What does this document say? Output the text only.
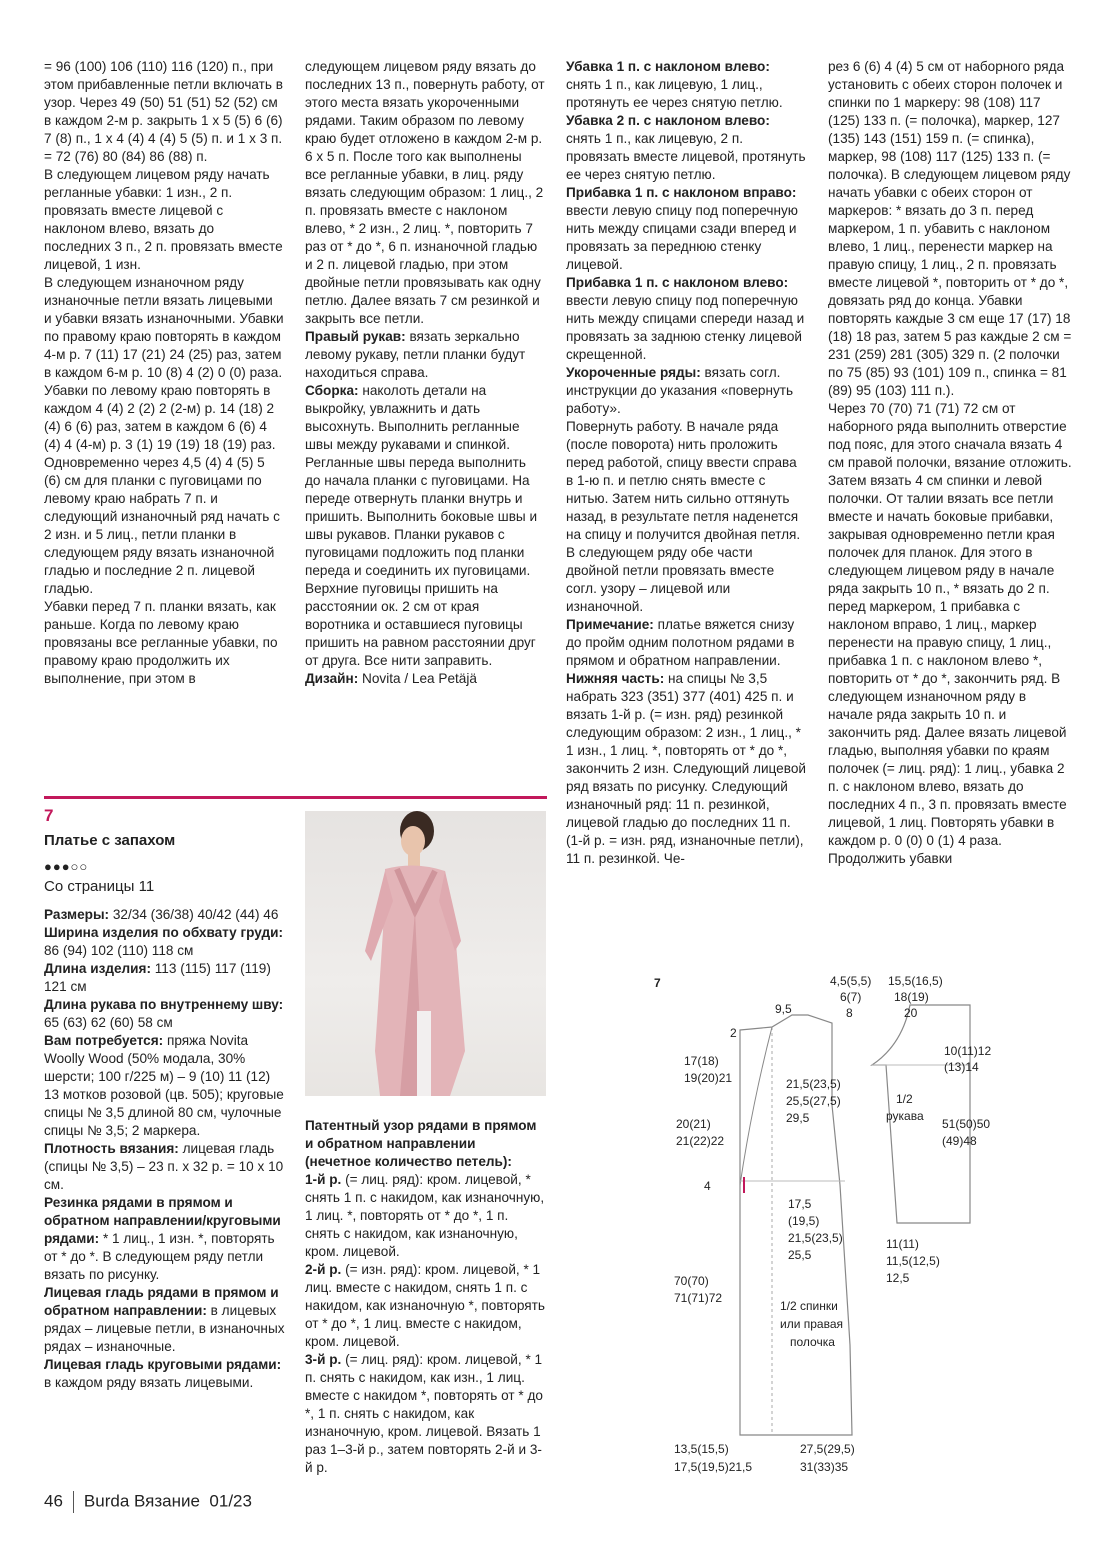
= 96 (100) 106 (110) 116 (120) п., при этом прибавленные петли включать в узор. Через 49 (50) 51 (51) 52 (52) см в каждом 2-м р. закрыть 1 х 5 (5) 6 (6) 7 (8) п., 1 х 4 (4) 4 (4) 5 (5) п. и 1 х 3 п. = 72 (76) 80 (84) 86 (88) п.

В следующем лицевом ряду начать регланные убавки: 1 изн., 2 п. провязать вместе лицевой с наклоном влево, вязать до последних 3 п., 2 п. провязать вместе лицевой, 1 изн.

В следующем изнаночном ряду изнаночные петли вязать лицевыми и убавки вязать изнаночными. Убавки по правому краю повторять в каждом 4-м р. 7 (11) 17 (21) 24 (25) раз, затем в каждом 6-м р. 10 (8) 4 (2) 0 (0) раза. Убавки по левому краю повторять в каждом 4 (4) 2 (2) 2 (2-м) р. 14 (18) 2 (4) 6 (6) раз, затем в каждом 6 (6) 4 (4) 4 (4-м) р. 3 (1) 19 (19) 18 (19) раз. Одновременно через 4,5 (4) 4 (5) 5 (6) см для планки с пуговицами по левому краю набрать 7 п. и следующий изнаночный ряд начать с 2 изн. и 5 лиц., петли планки в следующем ряду вязать изнаночной гладью и последние 2 п. лицевой гладью.

Убавки перед 7 п. планки вязать, как раньше. Когда по левому краю провязаны все регланные убавки, по правому краю продолжить их выполнение, при этом в

следующем лицевом ряду вязать до последних 13 п., повернуть работу, от этого места вязать укороченными рядами. Таким образом по левому краю будет отложено в каждом 2-м р. 6 х 5 п. После того как выполнены все регланные убавки, в лиц. ряду вязать следующим образом: 1 лиц., 2 п. провязать вместе с наклоном влево, * 2 изн., 2 лиц. *, повторить 7 раз от * до *, 6 п. изнаночной гладью и 2 п. лицевой гладью, при этом двойные петли провязывать как одну петлю. Далее вязать 7 см резинкой и закрыть все петли.

Правый рукав: вязать зеркально левому рукаву, петли планки будут находиться справа.

Сборка: наколоть детали на выкройку, увлажнить и дать высохнуть. Выполнить регланные швы между рукавами и спинкой. Регланные швы переда выполнить до начала планки с пуговицами. На переде отвернуть планки внутрь и пришить. Выполнить боковые швы и швы рукавов. Планки рукавов с пуговицами подложить под планки переда и соединить их пуговицами. Верхние пуговицы пришить на расстоянии ок. 2 см от края воротника и оставшиеся пуговицы пришить на равном расстоянии друг от друга. Все нити заправить.

Дизайн: Novita / Lea Petäjä

Убавка 1 п. с наклоном влево: снять 1 п., как лицевую, 1 лиц., протянуть ее через снятую петлю.

Убавка 2 п. с наклоном влево: снять 1 п., как лицевую, 2 п. провязать вместе лицевой, протянуть ее через снятую петлю.

Прибавка 1 п. с наклоном вправо: ввести левую спицу под поперечную нить между спицами сзади вперед и провязать за переднюю стенку лицевой.

Прибавка 1 п. с наклоном влево: ввести левую спицу под поперечную нить между спицами спереди назад и провязать за заднюю стенку лицевой скрещенной.

Укороченные ряды: вязать согл. инструкции до указания «повернуть работу».

Повернуть работу. В начале ряда (после поворота) нить проложить перед работой, спицу ввести справа в 1-ю п. и петлю снять вместе с нитью. Затем нить сильно оттянуть назад, в результате петля наденется на спицу и получится двойная петля. В следующем ряду обе части двойной петли провязать вместе согл. узору – лицевой или изнаночной.

Примечание: платье вяжется снизу до пройм одним полотном рядами в прямом и обратном направлении.

Нижняя часть: на спицы № 3,5 набрать 323 (351) 377 (401) 425 п. и вязать 1-й р. (= изн. ряд) резинкой следующим образом: 2 изн., 1 лиц., * 1 изн., 1 лиц. *, повторять от * до *, закончить 2 изн. Следующий лицевой ряд вязать по рисунку. Следующий изнаночный ряд: 11 п. резинкой, лицевой гладью до последних 11 п. (1-й р. = изн. ряд, изнаночные петли), 11 п. резинкой. Че-

рез 6 (6) 4 (4) 5 см от наборного ряда установить с обеих сторон полочек и спинки по 1 маркеру: 98 (108) 117 (125) 133 п. (= полочка), маркер, 127 (135) 143 (151) 159 п. (= спинка), маркер, 98 (108) 117 (125) 133 п. (= полочка). В следующем лицевом ряду начать убавки с обеих сторон от маркеров: * вязать до 3 п. перед маркером, 1 п. убавить с наклоном влево, 1 лиц., перенести маркер на правую спицу, 1 лиц., 2 п. провязать вместе лицевой *, повторить от * до *, довязать ряд до конца. Убавки повторять каждые 3 см еще 17 (17) 18 (18) 18 раз, затем 5 раз каждые 2 см = 231 (259) 281 (305) 329 п. (2 полочки по 75 (85) 93 (101) 109 п., спинка = 81 (89) 95 (103) 111 п.).

Через 70 (70) 71 (71) 72 см от наборного ряда выполнить отверстие под пояс, для этого сначала вязать 4 см правой полочки, вязание отложить. Затем вязать 4 см спинки и левой полочки. От талии вязать все петли вместе и начать боковые прибавки, закрывая одновременно петли края полочек для планок. Для этого в следующем лицевом ряду в начале ряда закрыть 10 п., * вязать до 2 п. перед маркером, 1 прибавка с наклоном вправо, 1 лиц., маркер перенести на правую спицу, 1 лиц., прибавка 1 п. с наклоном влево *, повторить от * до *, закончить ряд. В следующем изнаночном ряду в начале ряда закрыть 10 п. и закончить ряд. Далее вязать лицевой гладью, выполняя убавки по краям полочек (= лиц. ряд): 1 лиц., убавка 2 п. с наклоном влево, вязать до последних 4 п., 3 п. провязать вместе лицевой, 1 лиц. Повторять убавки в каждом р. 0 (0) 0 (1) 4 раза. Продолжить убавки

7
Платье с запахом
●●●○○
Со страницы 11

Размеры: 32/34 (36/38) 40/42 (44) 46

Ширина изделия по обхвату груди: 86 (94) 102 (110) 118 см

Длина изделия: 113 (115) 117 (119) 121 см

Длина рукава по внутреннему шву: 65 (63) 62 (60) 58 см

Вам потребуется: пряжа Novita Woolly Wood (50% модала, 30% шерсти; 100 г/225 м) – 9 (10) 11 (12) 13 мотков розовой (цв. 505); круговые спицы № 3,5 длиной 80 см, чулочные спицы № 3,5; 2 маркера.

Плотность вязания: лицевая гладь (спицы № 3,5) – 23 п. x 32 р. = 10 x 10 см.

Резинка рядами в прямом и обратном направлении/круговыми рядами: * 1 лиц., 1 изн. *, повторять от * до *. В следующем ряду петли вязать по рисунку.

Лицевая гладь рядами в прямом и обратном направлении: в лицевых рядах – лицевые петли, в изнаночных рядах – изнаночные.

Лицевая гладь круговыми рядами: в каждом ряду вязать лицевыми.

Патентный узор рядами в прямом и обратном направлении (нечетное количество петель):

1-й р. (= лиц. ряд): кром. лицевой, * снять 1 п. с накидом, как изнаночную, 1 лиц. *, повторять от * до *, 1 п. снять с накидом, как изнаночную, кром. лицевой.

2-й р. (= изн. ряд): кром. лицевой, * 1 лиц. вместе с накидом, снять 1 п. с накидом, как изнаночную *, повторять от * до *, 1 лиц. вместе с накидом, кром. лицевой.

3-й р. (= лиц. ряд): кром. лицевой, * 1 п. снять с накидом, как изн., 1 лиц. вместе с накидом *, повторять от * до *, 1 п. снять с накидом, как изнаночную, кром. лицевой. Вязать 1 раз 1–3-й р., затем повторять 2-й и 3-й р.

7	4,5(5,5)
6(7)
8
9,5
2
15,5(16,5)
18(19)
20
10(11)12
(13)14
1/2
рукава
17(18)
19(20)21	21,5(23,5)
25,5(27,5)
29,5
20(21)
21(22)22
51(50)50
(49)48
4
17,5
(19,5)
21,5(23,5)
25,5
11(11)
11,5(12,5)
12,5
70(70)
71(71)72
1/2 спинки
или правая
полочка
13,5(15,5)
17,5(19,5)21,5
27,5(29,5)
31(33)35
46 Burda Вязание 01/23
